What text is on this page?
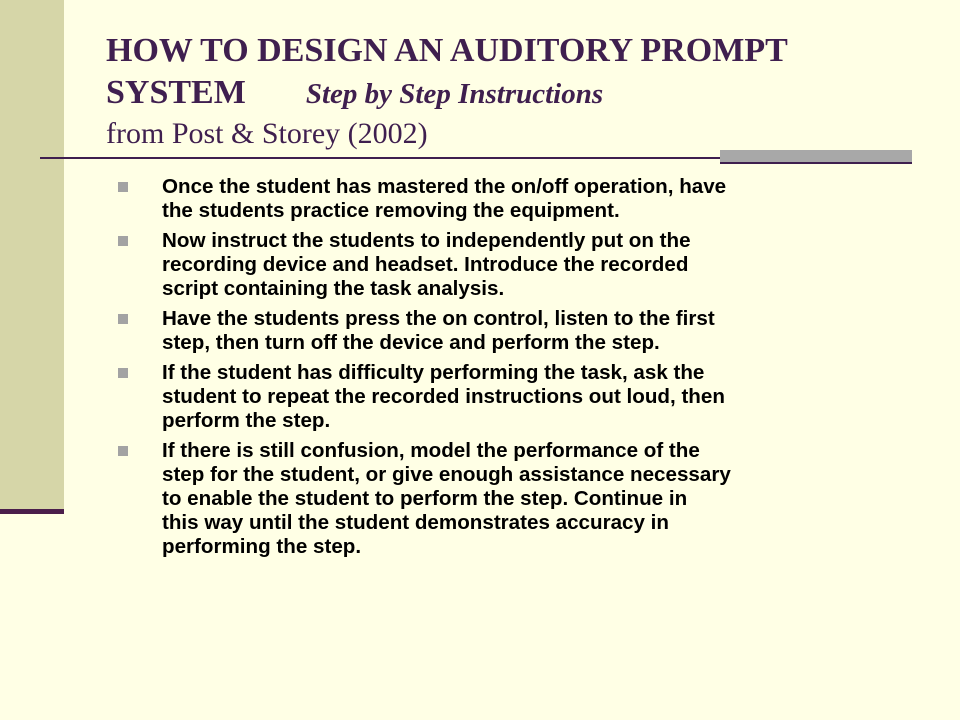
HOW TO DESIGN AN AUDITORY PROMPT
SYSTEM Step by Step Instructions
from Post & Storey (2002)
Once the student has mastered the on/off operation, have
the students practice removing the equipment.
Now instruct the students to independently put on the
recording device and headset. Introduce the recorded
script containing the task analysis.
Have the students press the on control, listen to the first
step, then turn off the device and perform the step.
If the student has difficulty performing the task, ask the
student to repeat the recorded instructions out loud, then
perform the step.
If there is still confusion, model the performance of the
step for the student, or give enough assistance necessary
to enable the student to perform the step. Continue in
this way until the student demonstrates accuracy in
performing the step.
